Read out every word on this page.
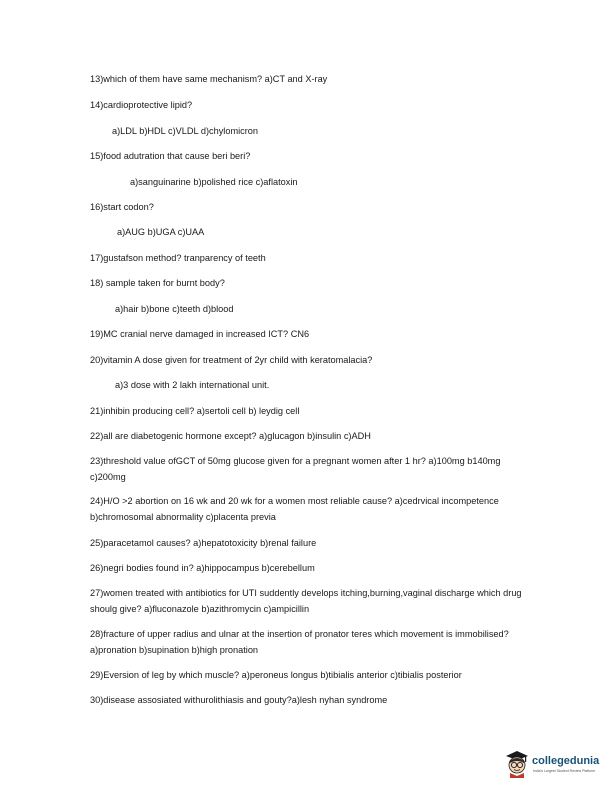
13)which of them have same mechanism? a)CT and X-ray
14)cardioprotective lipid?
a)LDL b)HDL c)VLDL d)chylomicron
15)food adutration that cause beri beri?
a)sanguinarine b)polished rice c)aflatoxin
16)start codon?
a)AUG b)UGA c)UAA
17)gustafson method? tranparency of teeth
18) sample taken for burnt body?
a)hair b)bone c)teeth d)blood
19)MC cranial nerve damaged in increased ICT? CN6
20)vitamin A dose given for treatment of 2yr child with keratomalacia?
a)3 dose with 2 lakh international unit.
21)inhibin producing cell? a)sertoli cell b) leydig cell
22)all are diabetogenic hormone except? a)glucagon b)insulin c)ADH
23)threshold value ofGCT of 50mg glucose given for a pregnant women after 1 hr? a)100mg b140mg c)200mg
24)H/O >2 abortion on 16 wk and 20 wk for a women most reliable cause? a)cedrvical incompetence b)chromosomal abnormality c)placenta previa
25)paracetamol causes? a)hepatotoxicity b)renal failure
26)negri bodies found in? a)hippocampus b)cerebellum
27)women treated with antibiotics for UTI suddently develops itching,burning,vaginal discharge which drug shoulg give? a)fluconazole b)azithromycin c)ampicillin
28)fracture of upper radius and ulnar at the insertion of pronator teres which movement is immobilised? a)pronation b)supination b)high pronation
29)Eversion of leg by which muscle? a)peroneus longus b)tibialis anterior c)tibialis posterior
30)disease assosiated withurolithiasis and gouty?a)lesh nyhan syndrome
collegedunia
India's Largest Student Review Platform
